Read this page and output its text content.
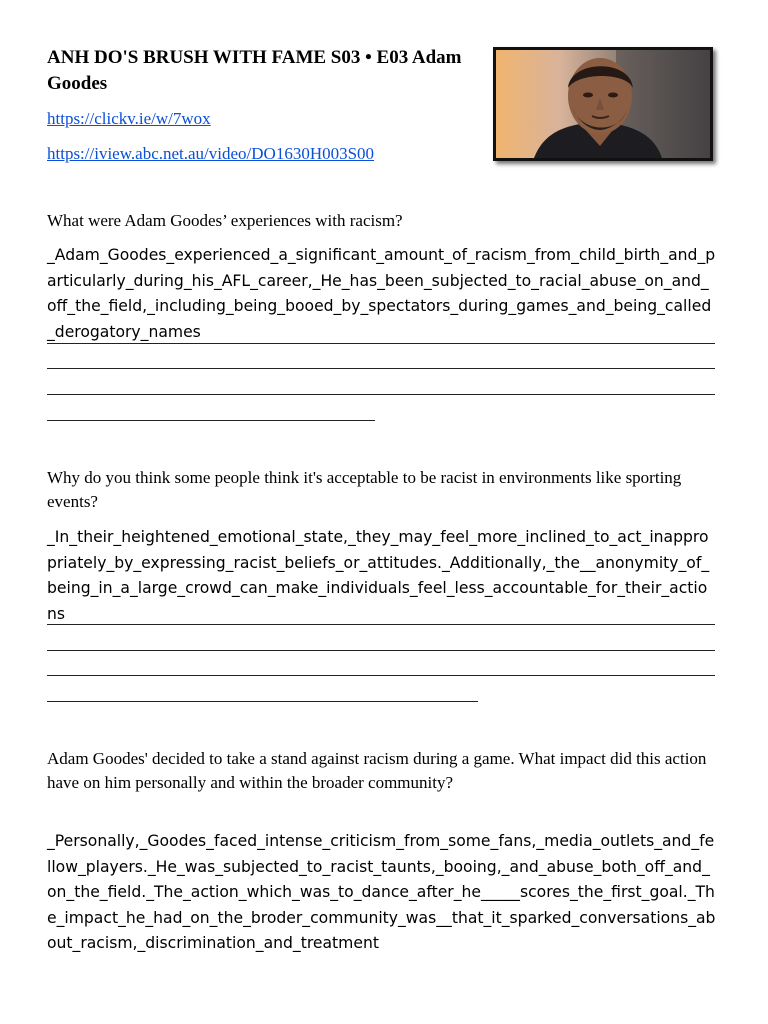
ANH DO'S BRUSH WITH FAME S03 • E03 Adam Goodes
https://clickv.ie/w/7wox
https://iview.abc.net.au/video/DO1630H003S00

What were Adam Goodes’ experiences with racism?

_Adam_Goodes_experienced_a_significant_amount_of_racism_from_child_birth_and_particularly_during_his_AFL_career,_He_has_been_subjected_to_racial_abuse_on_and_off_the_field,_including_being_booed_by_spectators_during_games_and_being_called_derogatory_names

Why do you think some people think it's acceptable to be racist in environments like sporting events?

_In_their_heightened_emotional_state,_they_may_feel_more_inclined_to_act_inappropriately_by_expressing_racist_beliefs_or_attitudes._Additionally,_the__anonymity_of_being_in_a_large_crowd_can_make_individuals_feel_less_accountable_for_their_actions

Adam Goodes' decided to take a stand against racism during a game. What impact did this action have on him personally and within the broader community?

_Personally,_Goodes_faced_intense_criticism_from_some_fans,_media_outlets_and_fellow_players._He_was_subjected_to_racist_taunts,_booing,_and_abuse_both_off_and_on_the_field._The_action_which_was_to_dance_after_he_____scores_the_first_goal._The_impact_he_had_on_the_broder_community_was__that_it_sparked_conversations_about_racism,_discrimination_and_treatment
